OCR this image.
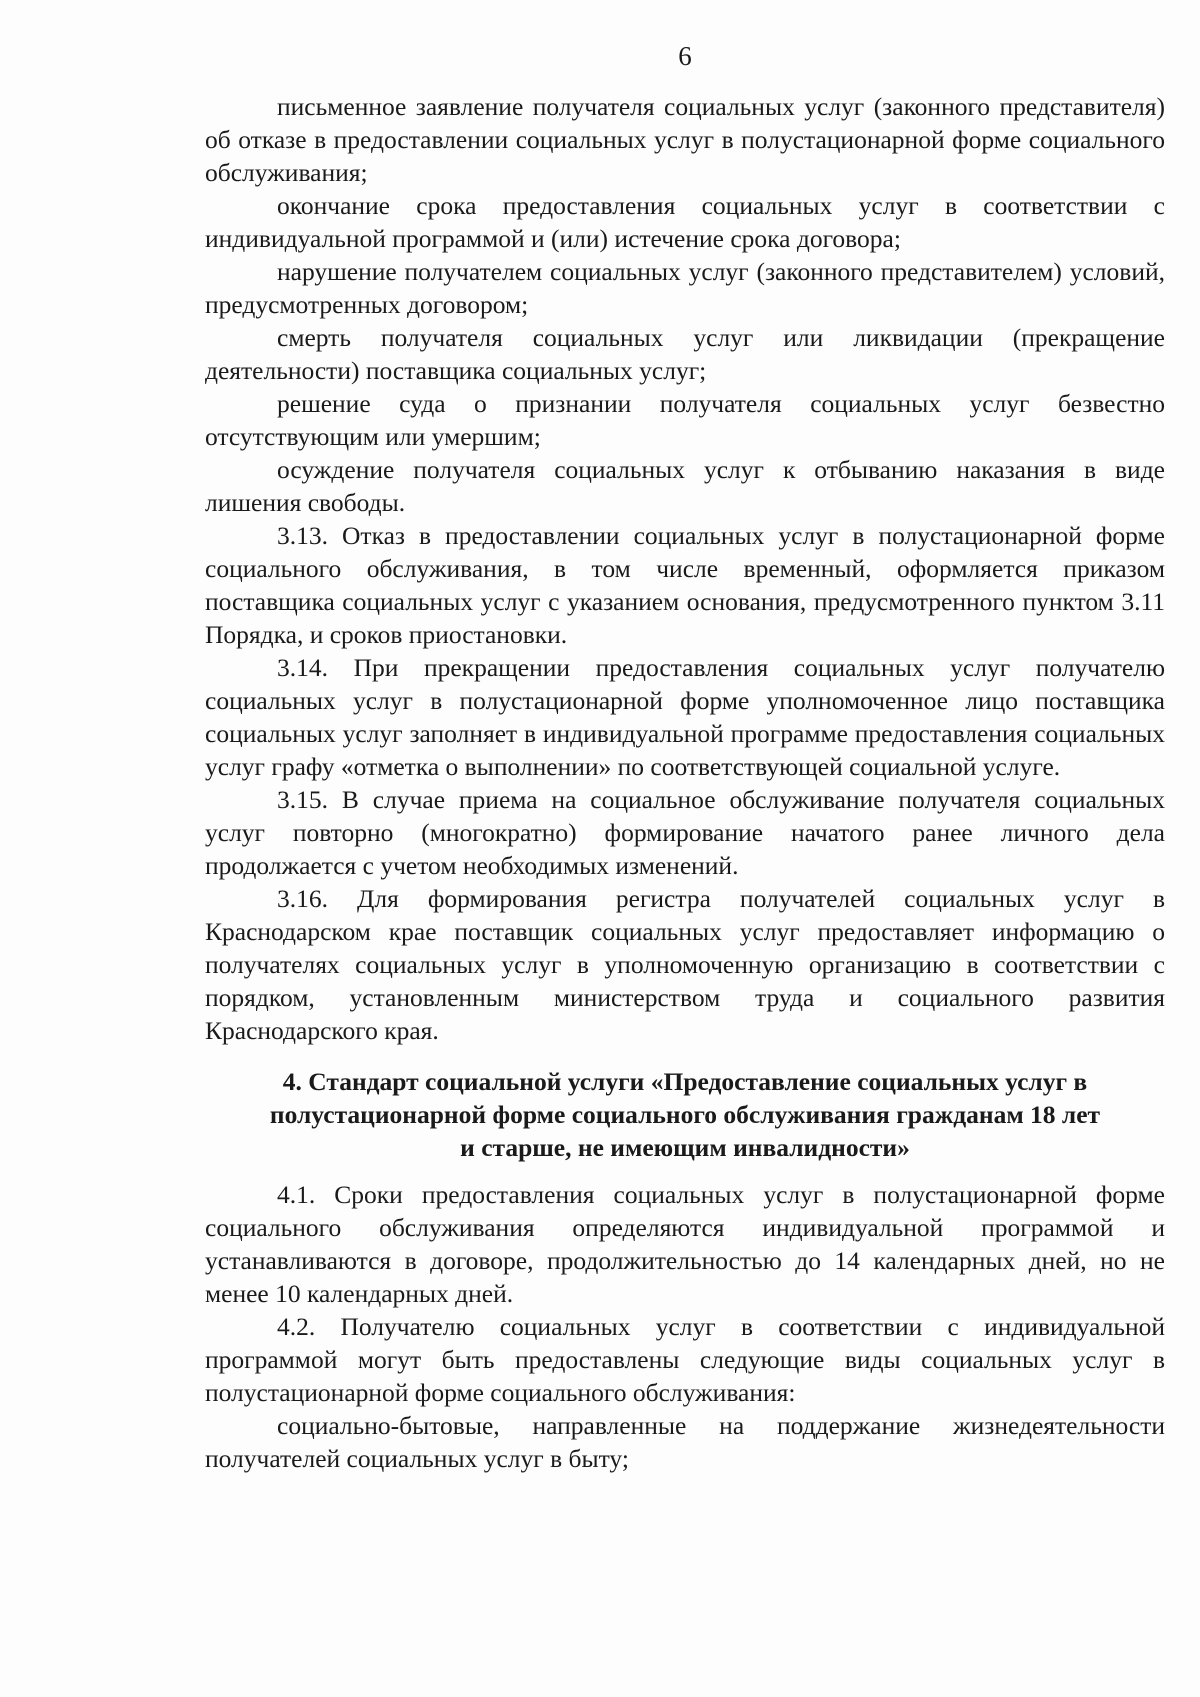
6

письменное заявление получателя социальных услуг (законного представителя) об отказе в предоставлении социальных услуг в полустационарной форме социального обслуживания;

окончание срока предоставления социальных услуг в соответствии с индивидуальной программой и (или) истечение срока договора;

нарушение получателем социальных услуг (законного представителем) условий, предусмотренных договором;

смерть получателя социальных услуг или ликвидации (прекращение деятельности) поставщика социальных услуг;

решение суда о признании получателя социальных услуг безвестно отсутствующим или умершим;

осуждение получателя социальных услуг к отбыванию наказания в виде лишения свободы.

3.13. Отказ в предоставлении социальных услуг в полустационарной форме социального обслуживания, в том числе временный, оформляется приказом поставщика социальных услуг с указанием основания, предусмотренного пунктом 3.11 Порядка, и сроков приостановки.

3.14. При прекращении предоставления социальных услуг получателю социальных услуг в полустационарной форме уполномоченное лицо поставщика социальных услуг заполняет в индивидуальной программе предоставления социальных услуг графу «отметка о выполнении» по соответствующей социальной услуге.

3.15. В случае приема на социальное обслуживание получателя социальных услуг повторно (многократно) формирование начатого ранее личного дела продолжается с учетом необходимых изменений.

3.16. Для формирования регистра получателей социальных услуг в Краснодарском крае поставщик социальных услуг предоставляет информацию о получателях социальных услуг в уполномоченную организацию в соответствии с порядком, установленным министерством труда и социального развития Краснодарского края.

4. Стандарт социальной услуги «Предоставление социальных услуг в полустационарной форме социального обслуживания гражданам 18 лет и старше, не имеющим инвалидности»

4.1. Сроки предоставления социальных услуг в полустационарной форме социального обслуживания определяются индивидуальной программой и устанавливаются в договоре, продолжительностью до 14 календарных дней, но не менее 10 календарных дней.

4.2. Получателю социальных услуг в соответствии с индивидуальной программой могут быть предоставлены следующие виды социальных услуг в полустационарной форме социального обслуживания:

социально-бытовые, направленные на поддержание жизнедеятельности получателей социальных услуг в быту;
